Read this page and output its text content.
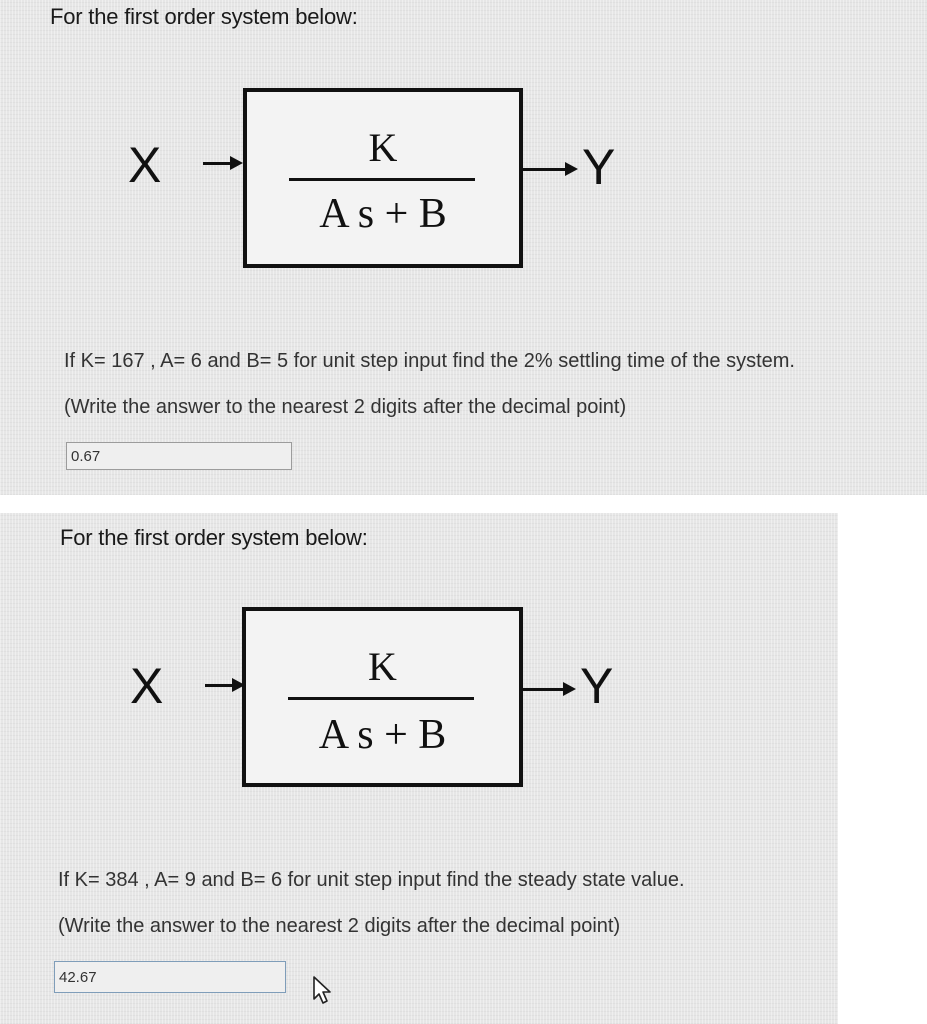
For the first order system below:
X	K
A s + B
Y
If K= 167 , A= 6 and B= 5 for unit step input find the 2% settling time of the system.
(Write the answer to the nearest 2 digits after the decimal point)
0.67
For the first order system below:
X	K
A s + B
Y
If K= 384 , A= 9 and B= 6 for unit step input find the steady state value.
(Write the answer to the nearest 2 digits after the decimal point)
42.67
